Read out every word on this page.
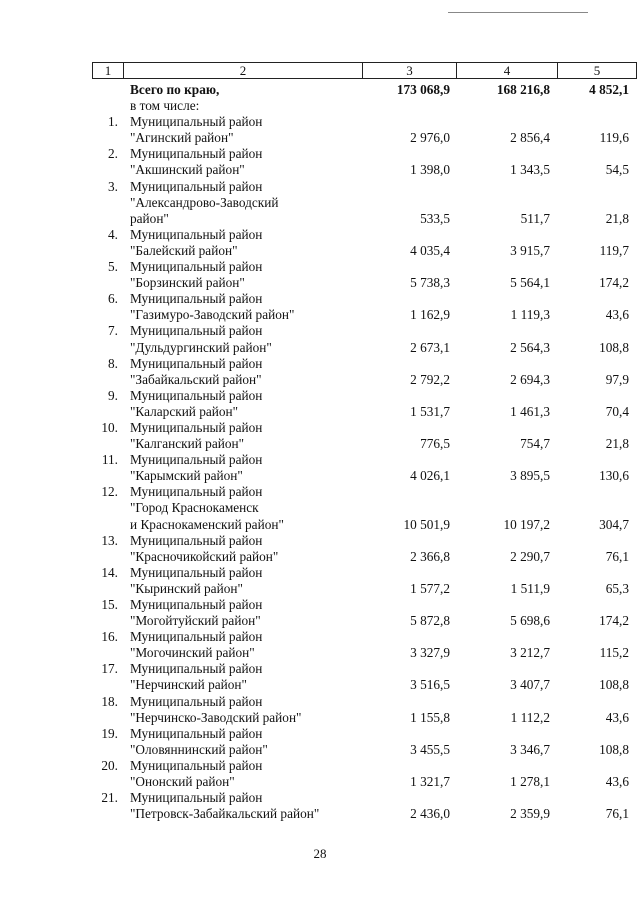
1	2	3	4	5
Всего по краю,
в том числе:
173 068,9	168 216,8	4 852,1
1. Муниципальный район
"Агинский район"	2 976,0	2 856,4	119,6
2. Муниципальный район
"Акшинский район"	1 398,0	1 343,5	54,5
3. Муниципальный район
"Александрово-Заводский
район"	533,5	511,7	21,8
4. Муниципальный район
"Балейский район"	4 035,4	3 915,7	119,7
5. Муниципальный район
"Борзинский район"	5 738,3	5 564,1	174,2
6. Муниципальный район
"Газимуро-Заводский район"	1 162,9	1 119,3	43,6
7. Муниципальный район
"Дульдургинский район"	2 673,1	2 564,3	108,8
8. Муниципальный район
"Забайкальский район"	2 792,2	2 694,3	97,9
9. Муниципальный район
"Каларский район"	1 531,7	1 461,3	70,4
10. Муниципальный район
"Калганский район"	776,5	754,7	21,8
11. Муниципальный район
"Карымский район"	4 026,1	3 895,5	130,6
12. Муниципальный район
"Город Краснокаменск
и Краснокаменский район"	10 501,9	10 197,2	304,7
13. Муниципальный район
"Красночикойский район"	2 366,8	2 290,7	76,1
14. Муниципальный район
"Кыринский район"	1 577,2	1 511,9	65,3
15. Муниципальный район
"Могойтуйский район"	5 872,8	5 698,6	174,2
16. Муниципальный район
"Могочинский район"	3 327,9	3 212,7	115,2
17. Муниципальный район
"Нерчинский район"	3 516,5	3 407,7	108,8
18. Муниципальный район
"Нерчинско-Заводский район"	1 155,8	1 112,2	43,6
19. Муниципальный район
"Оловяннинский район"	3 455,5	3 346,7	108,8
20. Муниципальный район
"Ононский район"	1 321,7	1 278,1	43,6
21. Муниципальный район
"Петровск-Забайкальский район"	2 436,0	2 359,9	76,1
28
